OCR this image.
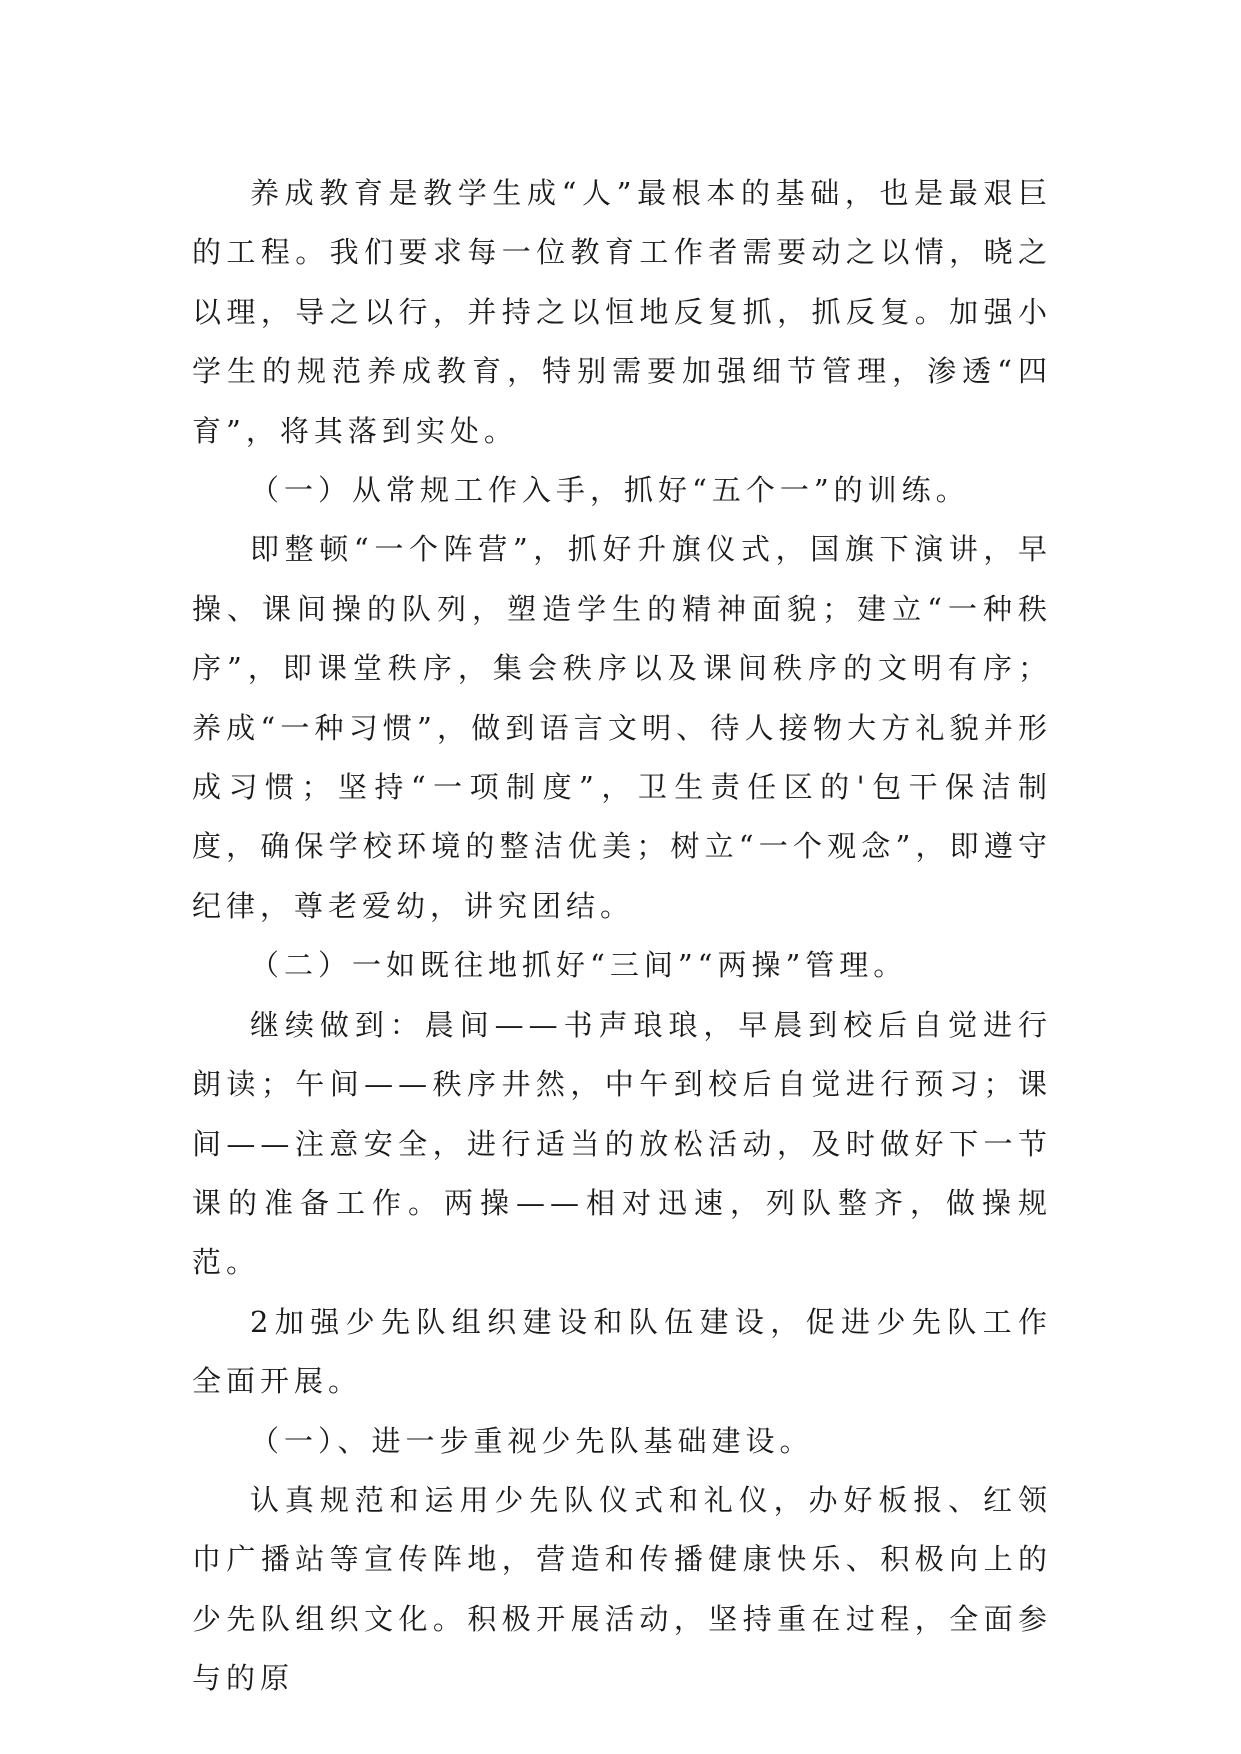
养成教育是教学生成“人”最根本的基础，也是最艰巨的工程。我们要求每一位教育工作者需要动之以情，晓之以理，导之以行，并持之以恒地反复抓，抓反复。加强小学生的规范养成教育，特别需要加强细节管理，渗透“四育”，将其落到实处。

（一）从常规工作入手，抓好“五个一”的训练。

即整顿“一个阵营”，抓好升旗仪式，国旗下演讲，早操、课间操的队列，塑造学生的精神面貌；建立“一种秩序”，即课堂秩序，集会秩序以及课间秩序的文明有序；养成“一种习惯”，做到语言文明、待人接物大方礼貌并形成习惯；坚持“一项制度”，卫生责任区的'包干保洁制度，确保学校环境的整洁优美；树立“一个观念”，即遵守纪律，尊老爱幼，讲究团结。

（二）一如既往地抓好“三间”“两操”管理。

继续做到：晨间——书声琅琅，早晨到校后自觉进行朗读；午间——秩序井然，中午到校后自觉进行预习；课间——注意安全，进行适当的放松活动，及时做好下一节课的准备工作。两操——相对迅速，列队整齐，做操规范。

2加强少先队组织建设和队伍建设，促进少先队工作全面开展。

（一）、进一步重视少先队基础建设。

认真规范和运用少先队仪式和礼仪，办好板报、红领巾广播站等宣传阵地，营造和传播健康快乐、积极向上的少先队组织文化。积极开展活动，坚持重在过程，全面参与的原
